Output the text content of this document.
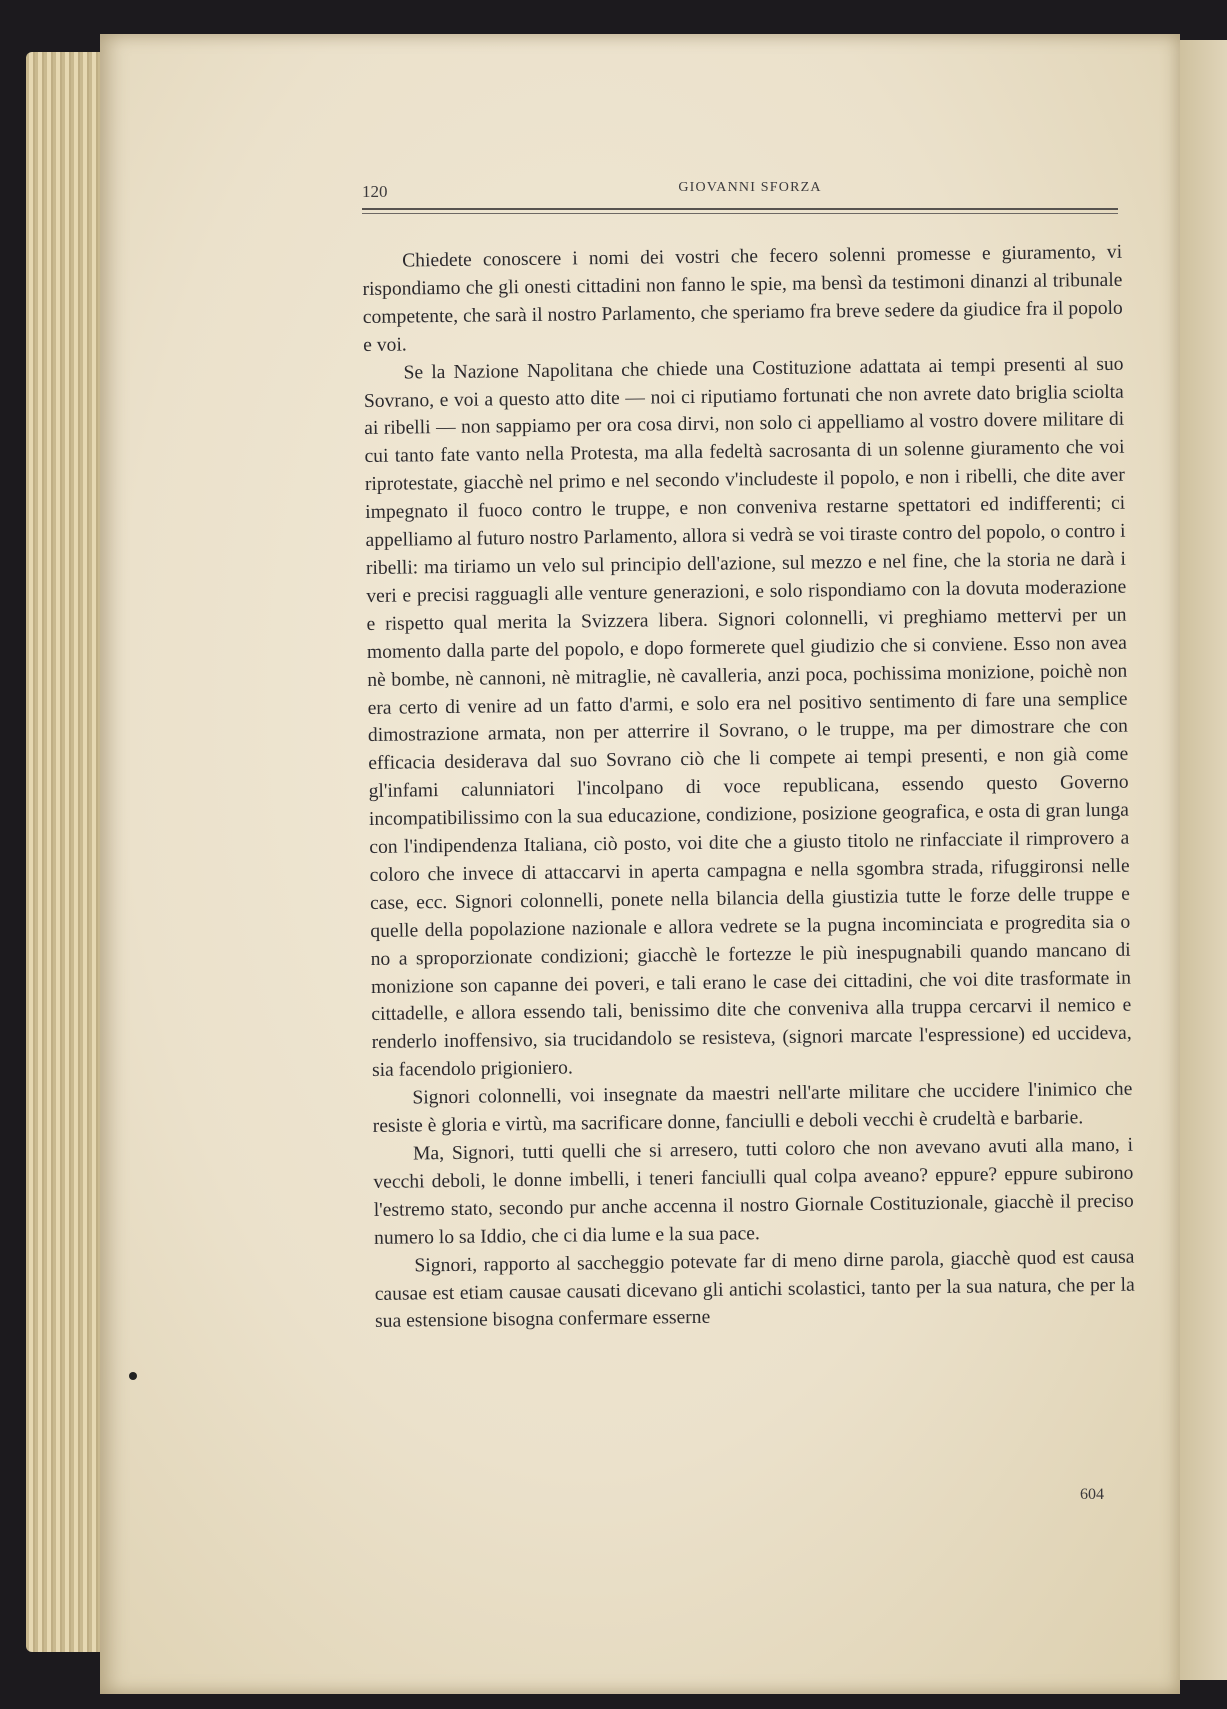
120	GIOVANNI SFORZA

Chiedete conoscere i nomi dei vostri che fecero solenni promesse e giuramento, vi rispondiamo che gli onesti cittadini non fanno le spie, ma bensì da testimoni dinanzi al tribunale competente, che sarà il nostro Parlamento, che speriamo fra breve sedere da giudice fra il popolo e voi.

Se la Nazione Napolitana che chiede una Costituzione adattata ai tempi presenti al suo Sovrano, e voi a questo atto dite — noi ci riputiamo fortunati che non avrete dato briglia sciolta ai ribelli — non sappiamo per ora cosa dirvi, non solo ci appelliamo al vostro dovere militare di cui tanto fate vanto nella Protesta, ma alla fedeltà sacrosanta di un solenne giuramento che voi riprotestate, giacchè nel primo e nel secondo v'includeste il popolo, e non i ribelli, che dite aver impegnato il fuoco contro le truppe, e non conveniva restarne spettatori ed indifferenti; ci appelliamo al futuro nostro Parlamento, allora si vedrà se voi tiraste contro del popolo, o contro i ribelli: ma tiriamo un velo sul principio dell'azione, sul mezzo e nel fine, che la storia ne darà i veri e precisi ragguagli alle venture generazioni, e solo rispondiamo con la dovuta moderazione e rispetto qual merita la Svizzera libera. Signori colonnelli, vi preghiamo mettervi per un momento dalla parte del popolo, e dopo formerete quel giudizio che si conviene. Esso non avea nè bombe, nè cannoni, nè mitraglie, nè cavalleria, anzi poca, pochissima monizione, poichè non era certo di venire ad un fatto d'armi, e solo era nel positivo sentimento di fare una semplice dimostrazione armata, non per atterrire il Sovrano, o le truppe, ma per dimostrare che con efficacia desiderava dal suo Sovrano ciò che li compete ai tempi presenti, e non già come gl'infami calunniatori l'incolpano di voce republicana, essendo questo Governo incompatibilissimo con la sua educazione, condizione, posizione geografica, e osta di gran lunga con l'indipendenza Italiana, ciò posto, voi dite che a giusto titolo ne rinfacciate il rimprovero a coloro che invece di attaccarvi in aperta campagna e nella sgombra strada, rifuggironsi nelle case, ecc. Signori colonnelli, ponete nella bilancia della giustizia tutte le forze delle truppe e quelle della popolazione nazionale e allora vedrete se la pugna incominciata e progredita sia o no a sproporzionate condizioni; giacchè le fortezze le più inespugnabili quando mancano di monizione son capanne dei poveri, e tali erano le case dei cittadini, che voi dite trasformate in cittadelle, e allora essendo tali, benissimo dite che conveniva alla truppa cercarvi il nemico e renderlo inoffensivo, sia trucidandolo se resisteva, (signori marcate l'espressione) ed uccideva, sia facendolo prigioniero.

Signori colonnelli, voi insegnate da maestri nell'arte militare che uccidere l'inimico che resiste è gloria e virtù, ma sacrificare donne, fanciulli e deboli vecchi è crudeltà e barbarie.

Ma, Signori, tutti quelli che si arresero, tutti coloro che non avevano avuti alla mano, i vecchi deboli, le donne imbelli, i teneri fanciulli qual colpa aveano? eppure? eppure subirono l'estremo stato, secondo pur anche accenna il nostro Giornale Costituzionale, giacchè il preciso numero lo sa Iddio, che ci dia lume e la sua pace.

Signori, rapporto al saccheggio potevate far di meno dirne parola, giacchè quod est causa causae est etiam causae causati dicevano gli antichi scolastici, tanto per la sua natura, che per la sua estensione bisogna confermare esserne

604
